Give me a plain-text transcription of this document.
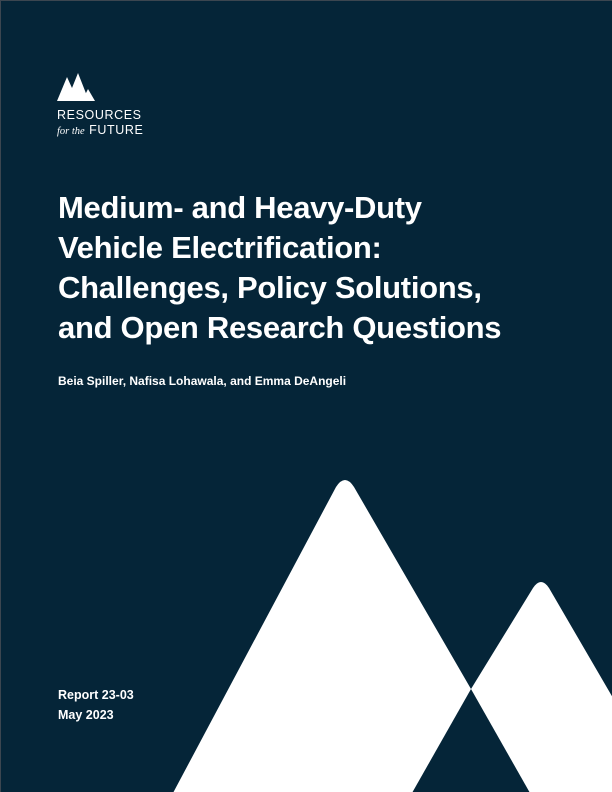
RESOURCES
for the FUTURE
Medium- and Heavy-Duty
Vehicle Electrification:
Challenges, Policy Solutions,
and Open Research Questions
Beia Spiller, Nafisa Lohawala, and Emma DeAngeli
Report 23-03
May 2023
